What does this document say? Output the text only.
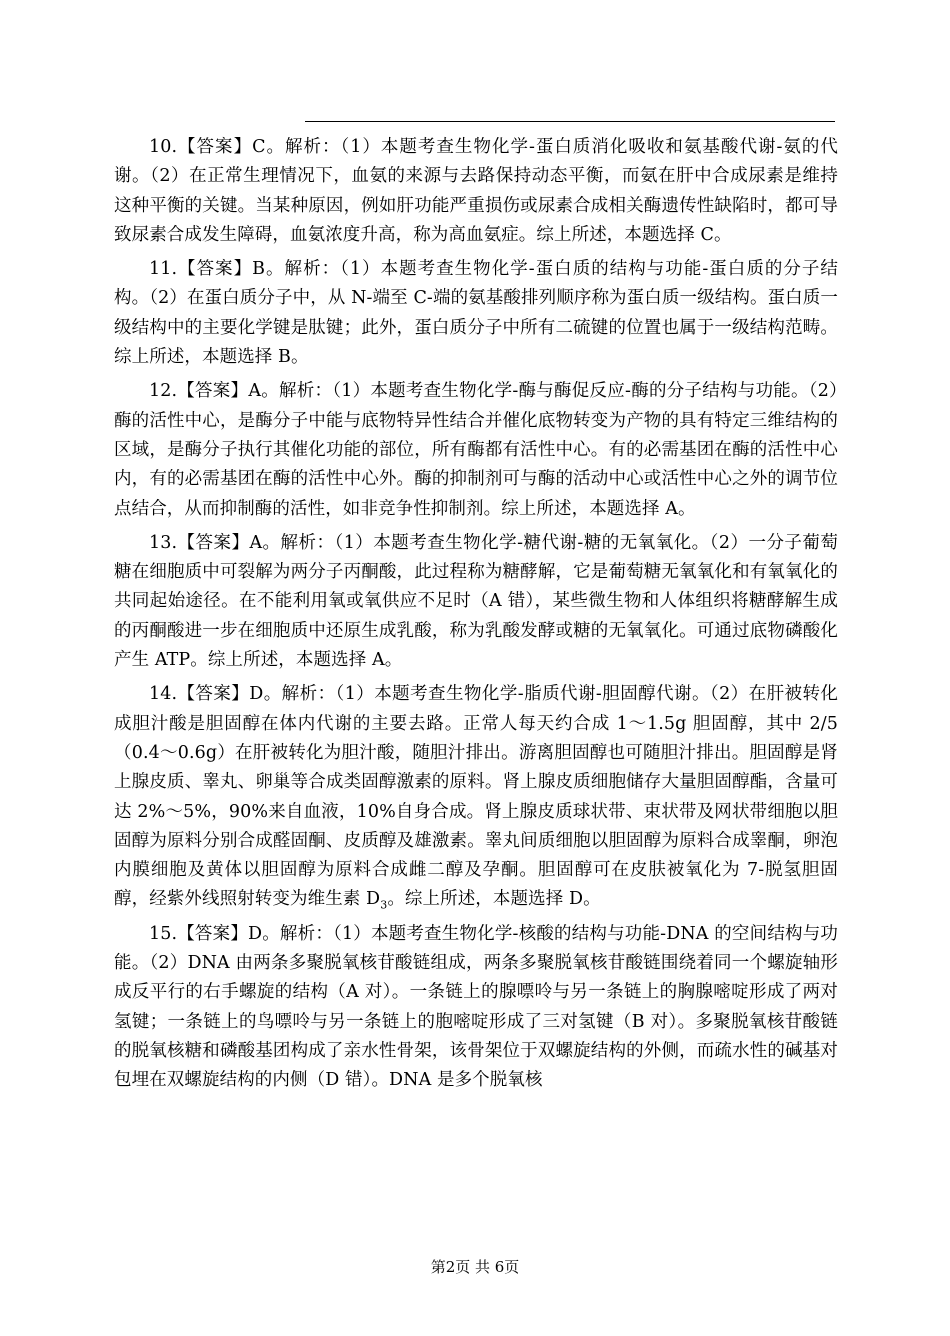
10.【答案】C。解析：（1）本题考查生物化学-蛋白质消化吸收和氨基酸代谢-氨的代谢。（2）在正常生理情况下，血氨的来源与去路保持动态平衡，而氨在肝中合成尿素是维持这种平衡的关键。当某种原因，例如肝功能严重损伤或尿素合成相关酶遗传性缺陷时，都可导致尿素合成发生障碍，血氨浓度升高，称为高血氨症。综上所述，本题选择 C。

11.【答案】B。解析：（1）本题考查生物化学-蛋白质的结构与功能-蛋白质的分子结构。（2）在蛋白质分子中，从 N-端至 C-端的氨基酸排列顺序称为蛋白质一级结构。蛋白质一级结构中的主要化学键是肽键；此外，蛋白质分子中所有二硫键的位置也属于一级结构范畴。综上所述，本题选择 B。

12.【答案】A。解析：（1）本题考查生物化学-酶与酶促反应-酶的分子结构与功能。（2）酶的活性中心，是酶分子中能与底物特异性结合并催化底物转变为产物的具有特定三维结构的区域，是酶分子执行其催化功能的部位，所有酶都有活性中心。有的必需基团在酶的活性中心内，有的必需基团在酶的活性中心外。酶的抑制剂可与酶的活动中心或活性中心之外的调节位点结合，从而抑制酶的活性，如非竞争性抑制剂。综上所述，本题选择 A。

13.【答案】A。解析：（1）本题考查生物化学-糖代谢-糖的无氧氧化。（2）一分子葡萄糖在细胞质中可裂解为两分子丙酮酸，此过程称为糖酵解，它是葡萄糖无氧氧化和有氧氧化的共同起始途径。在不能利用氧或氧供应不足时（A 错），某些微生物和人体组织将糖酵解生成的丙酮酸进一步在细胞质中还原生成乳酸，称为乳酸发酵或糖的无氧氧化。可通过底物磷酸化产生 ATP。综上所述，本题选择 A。

14.【答案】D。解析：（1）本题考查生物化学-脂质代谢-胆固醇代谢。（2）在肝被转化成胆汁酸是胆固醇在体内代谢的主要去路。正常人每天约合成 1～1.5g 胆固醇，其中 2/5（0.4～0.6g）在肝被转化为胆汁酸，随胆汁排出。游离胆固醇也可随胆汁排出。胆固醇是肾上腺皮质、睾丸、卵巢等合成类固醇激素的原料。肾上腺皮质细胞储存大量胆固醇酯，含量可达 2%～5%，90%来自血液，10%自身合成。肾上腺皮质球状带、束状带及网状带细胞以胆固醇为原料分别合成醛固酮、皮质醇及雄激素。睾丸间质细胞以胆固醇为原料合成睾酮，卵泡内膜细胞及黄体以胆固醇为原料合成雌二醇及孕酮。胆固醇可在皮肤被氧化为 7-脱氢胆固醇，经紫外线照射转变为维生素 $D_3$。综上所述，本题选择 D。

15.【答案】D。解析：（1）本题考查生物化学-核酸的结构与功能-DNA 的空间结构与功能。（2）DNA 由两条多聚脱氧核苷酸链组成，两条多聚脱氧核苷酸链围绕着同一个螺旋轴形成反平行的右手螺旋的结构（A 对）。一条链上的腺嘌呤与另一条链上的胸腺嘧啶形成了两对氢键；一条链上的鸟嘌呤与另一条链上的胞嘧啶形成了三对氢键（B 对）。多聚脱氧核苷酸链的脱氧核糖和磷酸基团构成了亲水性骨架，该骨架位于双螺旋结构的外侧，而疏水性的碱基对包埋在双螺旋结构的内侧（D 错）。DNA 是多个脱氧核

第2页 共 6页
